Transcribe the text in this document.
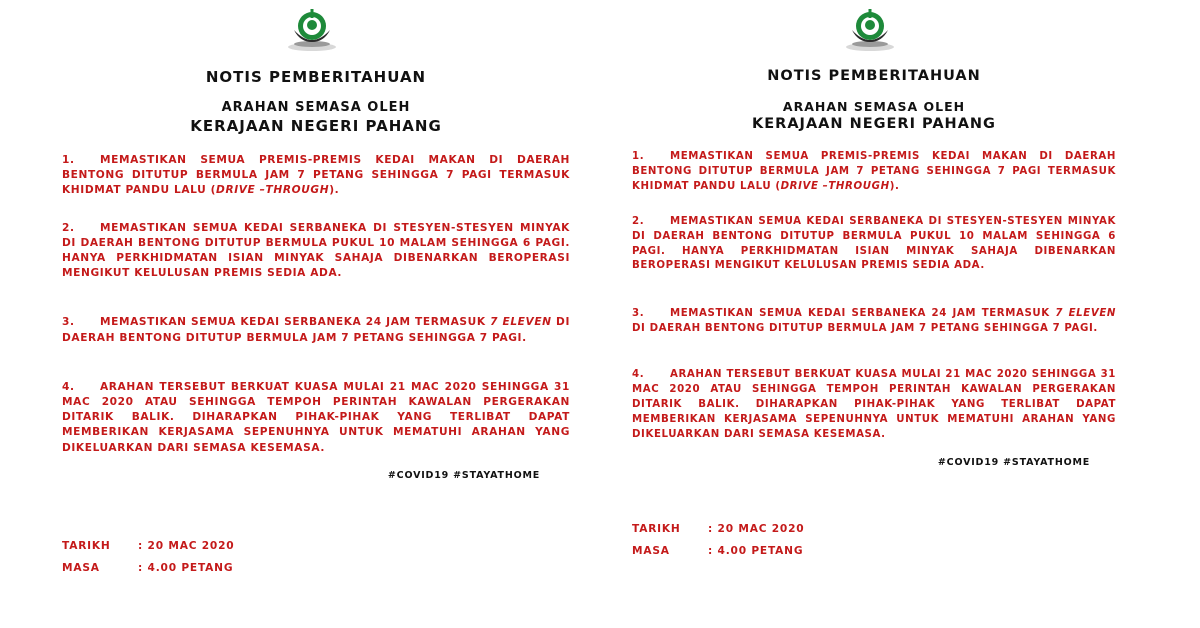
NOTIS PEMBERITAHUAN

ARAHAN SEMASA OLEH

KERAJAAN NEGERI PAHANG

1. MEMASTIKAN SEMUA PREMIS-PREMIS KEDAI MAKAN DI DAERAH BENTONG DITUTUP BERMULA JAM 7 PETANG SEHINGGA 7 PAGI TERMASUK KHIDMAT PANDU LALU (DRIVE –THROUGH).
2. MEMASTIKAN SEMUA KEDAI SERBANEKA DI STESYEN-STESYEN MINYAK DI DAERAH BENTONG DITUTUP BERMULA PUKUL 10 MALAM SEHINGGA 6 PAGI. HANYA PERKHIDMATAN ISIAN MINYAK SAHAJA DIBENARKAN BEROPERASI MENGIKUT KELULUSAN PREMIS SEDIA ADA.
3. MEMASTIKAN SEMUA KEDAI SERBANEKA 24 JAM TERMASUK 7 ELEVEN DI DAERAH BENTONG DITUTUP BERMULA JAM 7 PETANG SEHINGGA 7 PAGI.
4. ARAHAN TERSEBUT BERKUAT KUASA MULAI 21 MAC 2020 SEHINGGA 31 MAC 2020 ATAU SEHINGGA TEMPOH PERINTAH KAWALAN PERGERAKAN DITARIK BALIK. DIHARAPKAN PIHAK-PIHAK YANG TERLIBAT DAPAT MEMBERIKAN KERJASAMA SEPENUHNYA UNTUK MEMATUHI ARAHAN YANG DIKELUARKAN DARI SEMASA KESEMASA.
#COVID19 #STAYATHOME
TARIKH	: 20 MAC 2020
MASA	: 4.00 PETANG

NOTIS PEMBERITAHUAN

ARAHAN SEMASA OLEH

KERAJAAN NEGERI PAHANG

1.	MEMASTIKAN SEMUA PREMIS-PREMIS KEDAI MAKAN DI DAERAH BENTONG DITUTUP BERMULA JAM 7 PETANG SEHINGGA 7 PAGI TERMASUK KHIDMAT PANDU LALU (DRIVE –THROUGH).
2.	MEMASTIKAN SEMUA KEDAI SERBANEKA DI STESYEN-STESYEN MINYAK DI DAERAH BENTONG DITUTUP BERMULA PUKUL 10 MALAM SEHINGGA 6 PAGI. HANYA PERKHIDMATAN ISIAN MINYAK SAHAJA DIBENARKAN BEROPERASI MENGIKUT KELULUSAN PREMIS SEDIA ADA.
3.	MEMASTIKAN SEMUA KEDAI SERBANEKA 24 JAM TERMASUK 7 ELEVEN DI DAERAH BENTONG DITUTUP BERMULA JAM 7 PETANG SEHINGGA 7 PAGI.
4.	ARAHAN TERSEBUT BERKUAT KUASA MULAI 21 MAC 2020 SEHINGGA 31 MAC 2020 ATAU SEHINGGA TEMPOH PERINTAH KAWALAN PERGERAKAN DITARIK BALIK. DIHARAPKAN PIHAK-PIHAK YANG TERLIBAT DAPAT MEMBERIKAN KERJASAMA SEPENUHNYA UNTUK MEMATUHI ARAHAN YANG DIKELUARKAN DARI SEMASA KESEMASA.
#COVID19 #STAYATHOME
TARIKH	: 20 MAC 2020
MASA	: 4.00 PETANG
